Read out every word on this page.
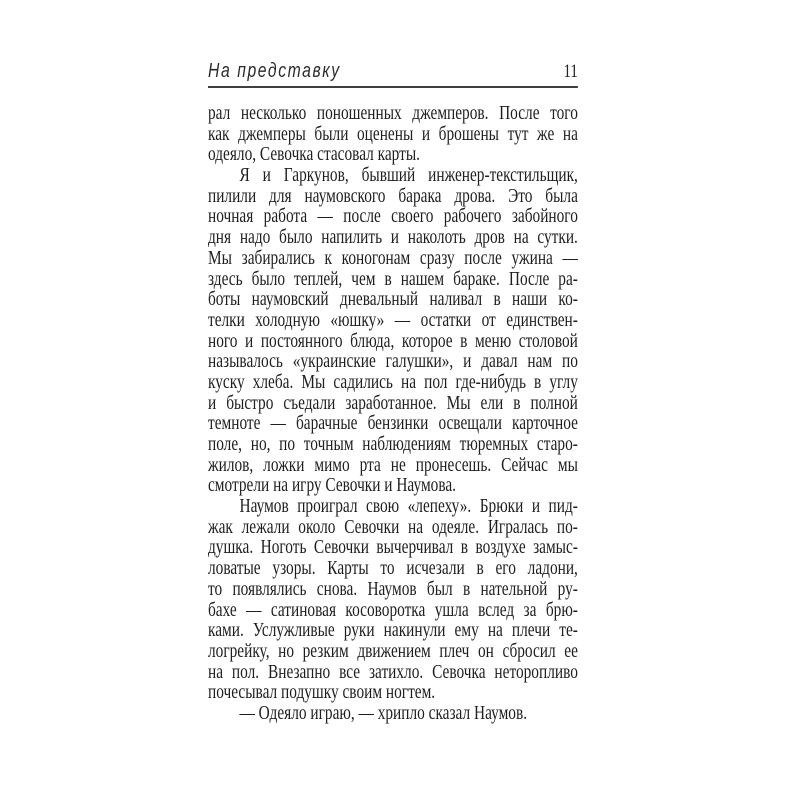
На представку	11
рал несколько поношенных джемперов. После того
как джемперы были оценены и брошены тут же на
одеяло, Севочка стасовал карты.
Я и Гаркунов, бывший инженер-текстильщик,
пилили для наумовского барака дрова. Это была
ночная работа — после своего рабочего забойного
дня надо было напилить и наколоть дров на сутки.
Мы забирались к коногонам сразу после ужина —
здесь было теплей, чем в нашем бараке. После ра-
боты наумовский дневальный наливал в наши ко-
телки холодную «юшку» — остатки от единствен-
ного и постоянного блюда, которое в меню столовой
называлось «украинские галушки», и давал нам по
куску хлеба. Мы садились на пол где-нибудь в углу
и быстро съедали заработанное. Мы ели в полной
темноте — барачные бензинки освещали карточное
поле, но, по точным наблюдениям тюремных старо-
жилов, ложки мимо рта не пронесешь. Сейчас мы
смотрели на игру Севочки и Наумова.
Наумов проиграл свою «лепеху». Брюки и пид-
жак лежали около Севочки на одеяле. Игралась по-
душка. Ноготь Севочки вычерчивал в воздухе замыс-
ловатые узоры. Карты то исчезали в его ладони,
то появлялись снова. Наумов был в нательной ру-
бахе — сатиновая косоворотка ушла вслед за брю-
ками. Услужливые руки накинули ему на плечи те-
логрейку, но резким движением плеч он сбросил ее
на пол. Внезапно все затихло. Севочка неторопливо
почесывал подушку своим ногтем.
— Одеяло играю, — хрипло сказал Наумов.
